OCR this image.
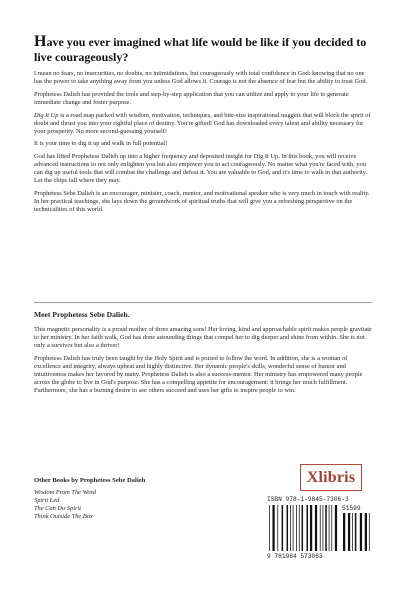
Have you ever imagined what life would be like if you decided to live courageously?

I mean no fears, no insecurities, no doubts, no intimidations, but courageously with total confidence in God: knowing that no one has the power to take anything away from you unless God allows it. Courage is not the absence of fear but the ability to trust God.

Prophetess Dalieh has provided the tools and step-by-step application that you can utilize and apply to your life to generate immediate change and foster purpose.

Dig It Up is a road map packed with wisdom, motivation, techniques, and bite-size inspirational nuggets that will block the spirit of doubt and thrust you into your rightful place of destiny. You're gifted! God has downloaded every talent and ability necessary for your prosperity. No more second-guessing yourself!

It is your time to dig it up and walk in full potential!

God has lifted Prophetess Dalieh up into a higher frequency and deposited insight for Dig It Up. In this book, you will receive advanced instructions to not only enlighten you but also empower you to act courageously. No matter what you're faced with, you can dig up useful tools that will combat the challenge and defeat it. You are valuable to God, and it's time to walk in that authority. Let the chips fall where they may.

Prophetess Sebe Dalieh is an encourager, minister, coach, mentor, and motivational speaker who is very much in touch with reality. In her practical teachings, she lays down the groundwork of spiritual truths that will give you a refreshing perspective on the technicalities of this world.

Meet Prophetess Sebe Dalieh.

This magnetic personality is a proud mother of three amazing sons! Her loving, kind and approachable spirit makes people gravitate to her ministry. In her faith walk, God has done astounding things that compel her to dig deeper and shine from within. She is not only a survivor but also a thriver!

Prophetess Dalieh has truly been taught by the Holy Spirit and is poised to follow the word. In addition, she is a woman of excellence and integrity, always upbeat and highly distinctive. Her dynamic people's skills, wonderful sense of humor and intuitiveness makes her favored by many. Prophetess Dalieh is also a success-mentor. Her ministry has empowered many people across the globe to live in God's purpose. She has a compelling appetite for encouragement: it brings her much fulfillment. Furthermore, she has a burning desire to see others succeed and uses her gifts to inspire people to win.

Other Books by Prophetess Sebe Dalieh
Wisdom From The Word
Spirit Led
The Can Do Spirit
Think Outside The Box
Xlibris

ISBN 978-1-9845-7306-3

51599

9 781984 573063
